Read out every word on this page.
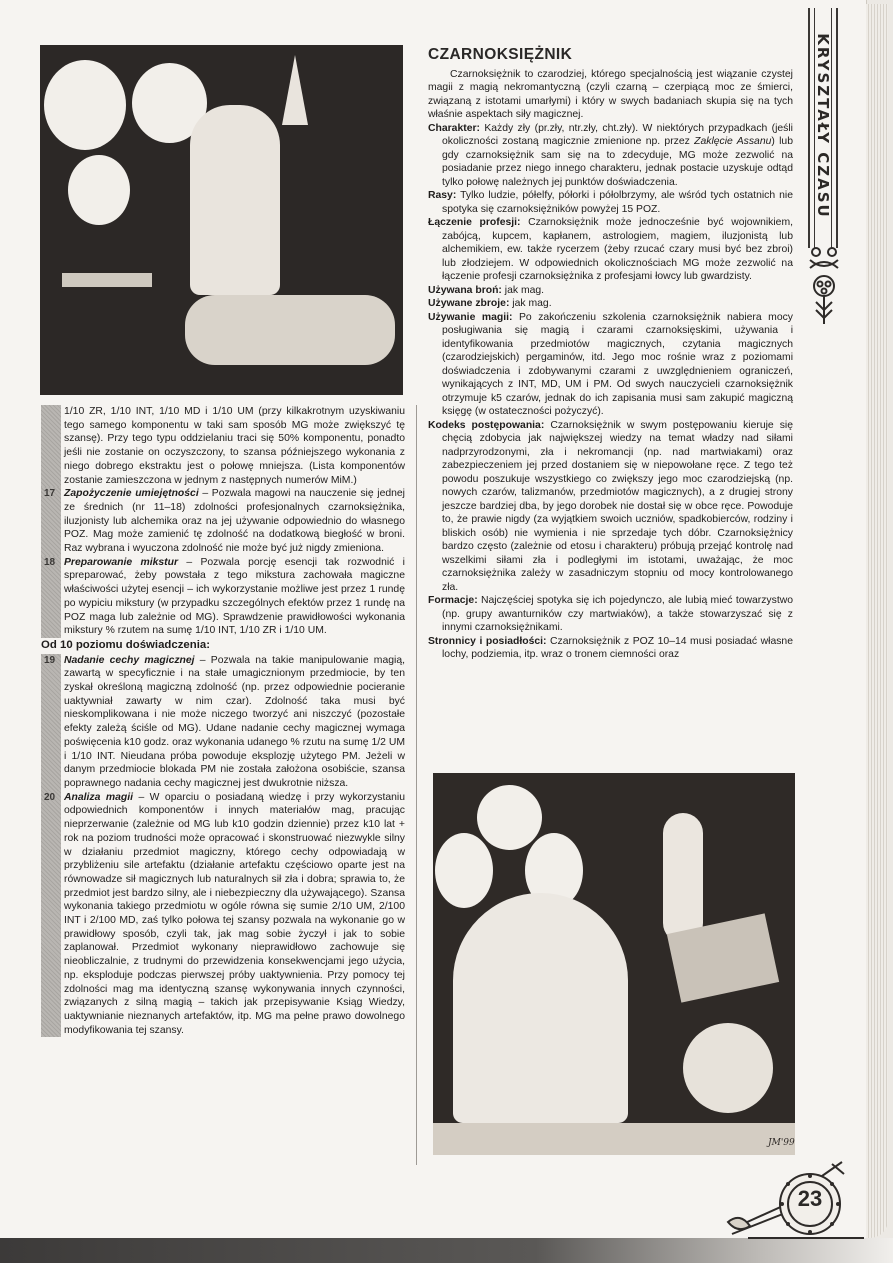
1/10 ZR, 1/10 INT, 1/10 MD i 1/10 UM (przy kilkakrotnym uzyskiwaniu tego samego komponentu w taki sam sposób MG może zwiększyć tę szansę). Przy tego typu oddzielaniu traci się 50% komponentu, ponadto jeśli nie zostanie on oczyszczony, to szansa późniejszego wykonania z niego dobrego ekstraktu jest o połowę mniejsza. (Lista komponentów zostanie zamieszczona w jednym z następnych numerów MiM.)
17 Zapożyczenie umiejętności – Pozwala magowi na nauczenie się jednej ze średnich (nr 11–18) zdolności profesjonalnych czarnoksiężnika, iluzjonisty lub alchemika oraz na jej używanie odpowiednio do własnego POZ. Mag może zamienić tę zdolność na dodatkową biegłość w broni. Raz wybrana i wyuczona zdolność nie może być już nigdy zmieniona.
18 Preparowanie mikstur – Pozwala porcję esencji tak rozwodnić i spreparować, żeby powstała z tego mikstura zachowała magiczne właściwości użytej esencji – ich wykorzystanie możliwe jest przez 1 rundę po wypiciu mikstury (w przypadku szczególnych efektów przez 1 rundę na POZ maga lub zależnie od MG). Sprawdzenie prawidłowości wykonania mikstury % rzutem na sumę 1/10 INT, 1/10 ZR i 1/10 UM.
Od 10 poziomu doświadczenia:
19 Nadanie cechy magicznej – Pozwala na takie manipulowanie magią, zawartą w specyficznie i na stałe umagicznionym przedmiocie, by ten zyskał określoną magiczną zdolność (np. przez odpowiednie pocieranie uaktywniał zawarty w nim czar). Zdolność taka musi być nieskomplikowana i nie może niczego tworzyć ani niszczyć (pozostałe efekty zależą ściśle od MG). Udane nadanie cechy magicznej wymaga poświęcenia k10 godz. oraz wykonania udanego % rzutu na sumę 1/2 UM i 1/10 INT. Nieudana próba powoduje eksplozję użytego PM. Jeżeli w danym przedmiocie blokada PM nie została założona osobiście, szansa poprawnego nadania cechy magicznej jest dwukrotnie niższa.
20 Analiza magii – W oparciu o posiadaną wiedzę i przy wykorzystaniu odpowiednich komponentów i innych materiałów mag, pracując nieprzerwanie (zależnie od MG lub k10 godzin dziennie) przez k10 lat + rok na poziom trudności może opracować i skonstruować niezwykle silny w działaniu przedmiot magiczny, którego cechy odpowiadają w przybliżeniu sile artefaktu (działanie artefaktu częściowo oparte jest na równowadze sił magicznych lub naturalnych sił zła i dobra; sprawia to, że przedmiot jest bardzo silny, ale i niebezpieczny dla używającego). Szansa wykonania takiego przedmiotu w ogóle równa się sumie 2/10 UM, 2/100 INT i 2/100 MD, zaś tylko połowa tej szansy pozwala na wykonanie go w prawidłowy sposób, czyli tak, jak mag sobie życzył i jak to sobie zaplanował. Przedmiot wykonany nieprawidłowo zachowuje się nieobliczalnie, z trudnymi do przewidzenia konsekwencjami jego użycia, np. eksploduje podczas pierwszej próby uaktywnienia. Przy pomocy tej zdolności mag ma identyczną szansę wykonywania innych czynności, związanych z silną magią – takich jak przepisywanie Ksiąg Wiedzy, uaktywnianie nieznanych artefaktów, itp. MG ma pełne prawo dowolnego modyfikowania tej szansy.
CZARNOKSIĘŻNIK

Czarnoksiężnik to czarodziej, którego specjalnością jest wiązanie czystej magii z magią nekromantyczną (czyli czarną – czerpiącą moc ze śmierci, związaną z istotami umarłymi) i który w swych badaniach skupia się na tych właśnie aspektach siły magicznej.

Charakter: Każdy zły (pr.zły, ntr.zły, cht.zły). W niektórych przypadkach (jeśli okoliczności zostaną magicznie zmienione np. przez Zaklęcie Assanu) lub gdy czarnoksiężnik sam się na to zdecyduje, MG może zezwolić na posiadanie przez niego innego charakteru, jednak postacie uzyskuje odtąd tylko połowę należnych jej punktów doświadczenia.

Rasy: Tylko ludzie, półelfy, półorki i półolbrzymy, ale wśród tych ostatnich nie spotyka się czarnoksiężników powyżej 15 POZ.

Łączenie profesji: Czarnoksiężnik może jednocześnie być wojownikiem, zabójcą, kupcem, kapłanem, astrologiem, magiem, iluzjonistą lub alchemikiem, ew. także rycerzem (żeby rzucać czary musi być bez zbroi) lub złodziejem. W odpowiednich okolicznościach MG może zezwolić na łączenie profesji czarnoksiężnika z profesjami łowcy lub gwardzisty.

Używana broń: jak mag.

Używane zbroje: jak mag.

Używanie magii: Po zakończeniu szkolenia czarnoksiężnik nabiera mocy posługiwania się magią i czarami czarnoksięskimi, używania i identyfikowania przedmiotów magicznych, czytania magicznych (czarodziejskich) pergaminów, itd. Jego moc rośnie wraz z poziomami doświadczenia i zdobywanymi czarami z uwzględnieniem ograniczeń, wynikających z INT, MD, UM i PM. Od swych nauczycieli czarnoksiężnik otrzymuje k5 czarów, jednak do ich zapisania musi sam zakupić magiczną księgę (w ostateczności pożyczyć).

Kodeks postępowania: Czarnoksiężnik w swym postępowaniu kieruje się chęcią zdobycia jak największej wiedzy na temat władzy nad siłami nadprzyrodzonymi, zła i nekromancji (np. nad martwiakami) oraz zabezpieczeniem jej przed dostaniem się w niepowołane ręce. Z tego też powodu poszukuje wszystkiego co zwiększy jego moc czarodziejską (np. nowych czarów, talizmanów, przedmiotów magicznych), a z drugiej strony jeszcze bardziej dba, by jego dorobek nie dostał się w obce ręce. Powoduje to, że prawie nigdy (za wyjątkiem swoich uczniów, spadkobierców, rodziny i bliskich osób) nie wymienia i nie sprzedaje tych dóbr. Czarnoksiężnicy bardzo często (zależnie od etosu i charakteru) próbują przejąć kontrolę nad wszelkimi siłami zła i podległymi im istotami, uważając, że moc czarnoksiężnika zależy w zasadniczym stopniu od mocy kontrolowanego zła.

Formacje: Najczęściej spotyka się ich pojedynczo, ale lubią mieć towarzystwo (np. grupy awanturników czy martwiaków), a także stowarzyszać się z innymi czarnoksiężnikami.

Stronnicy i posiadłości: Czarnoksiężnik z POZ 10–14 musi posiadać własne lochy, podziemia, itp. wraz o tronem ciemności oraz

JM'99
KRYSZTAŁY CZASU
23
